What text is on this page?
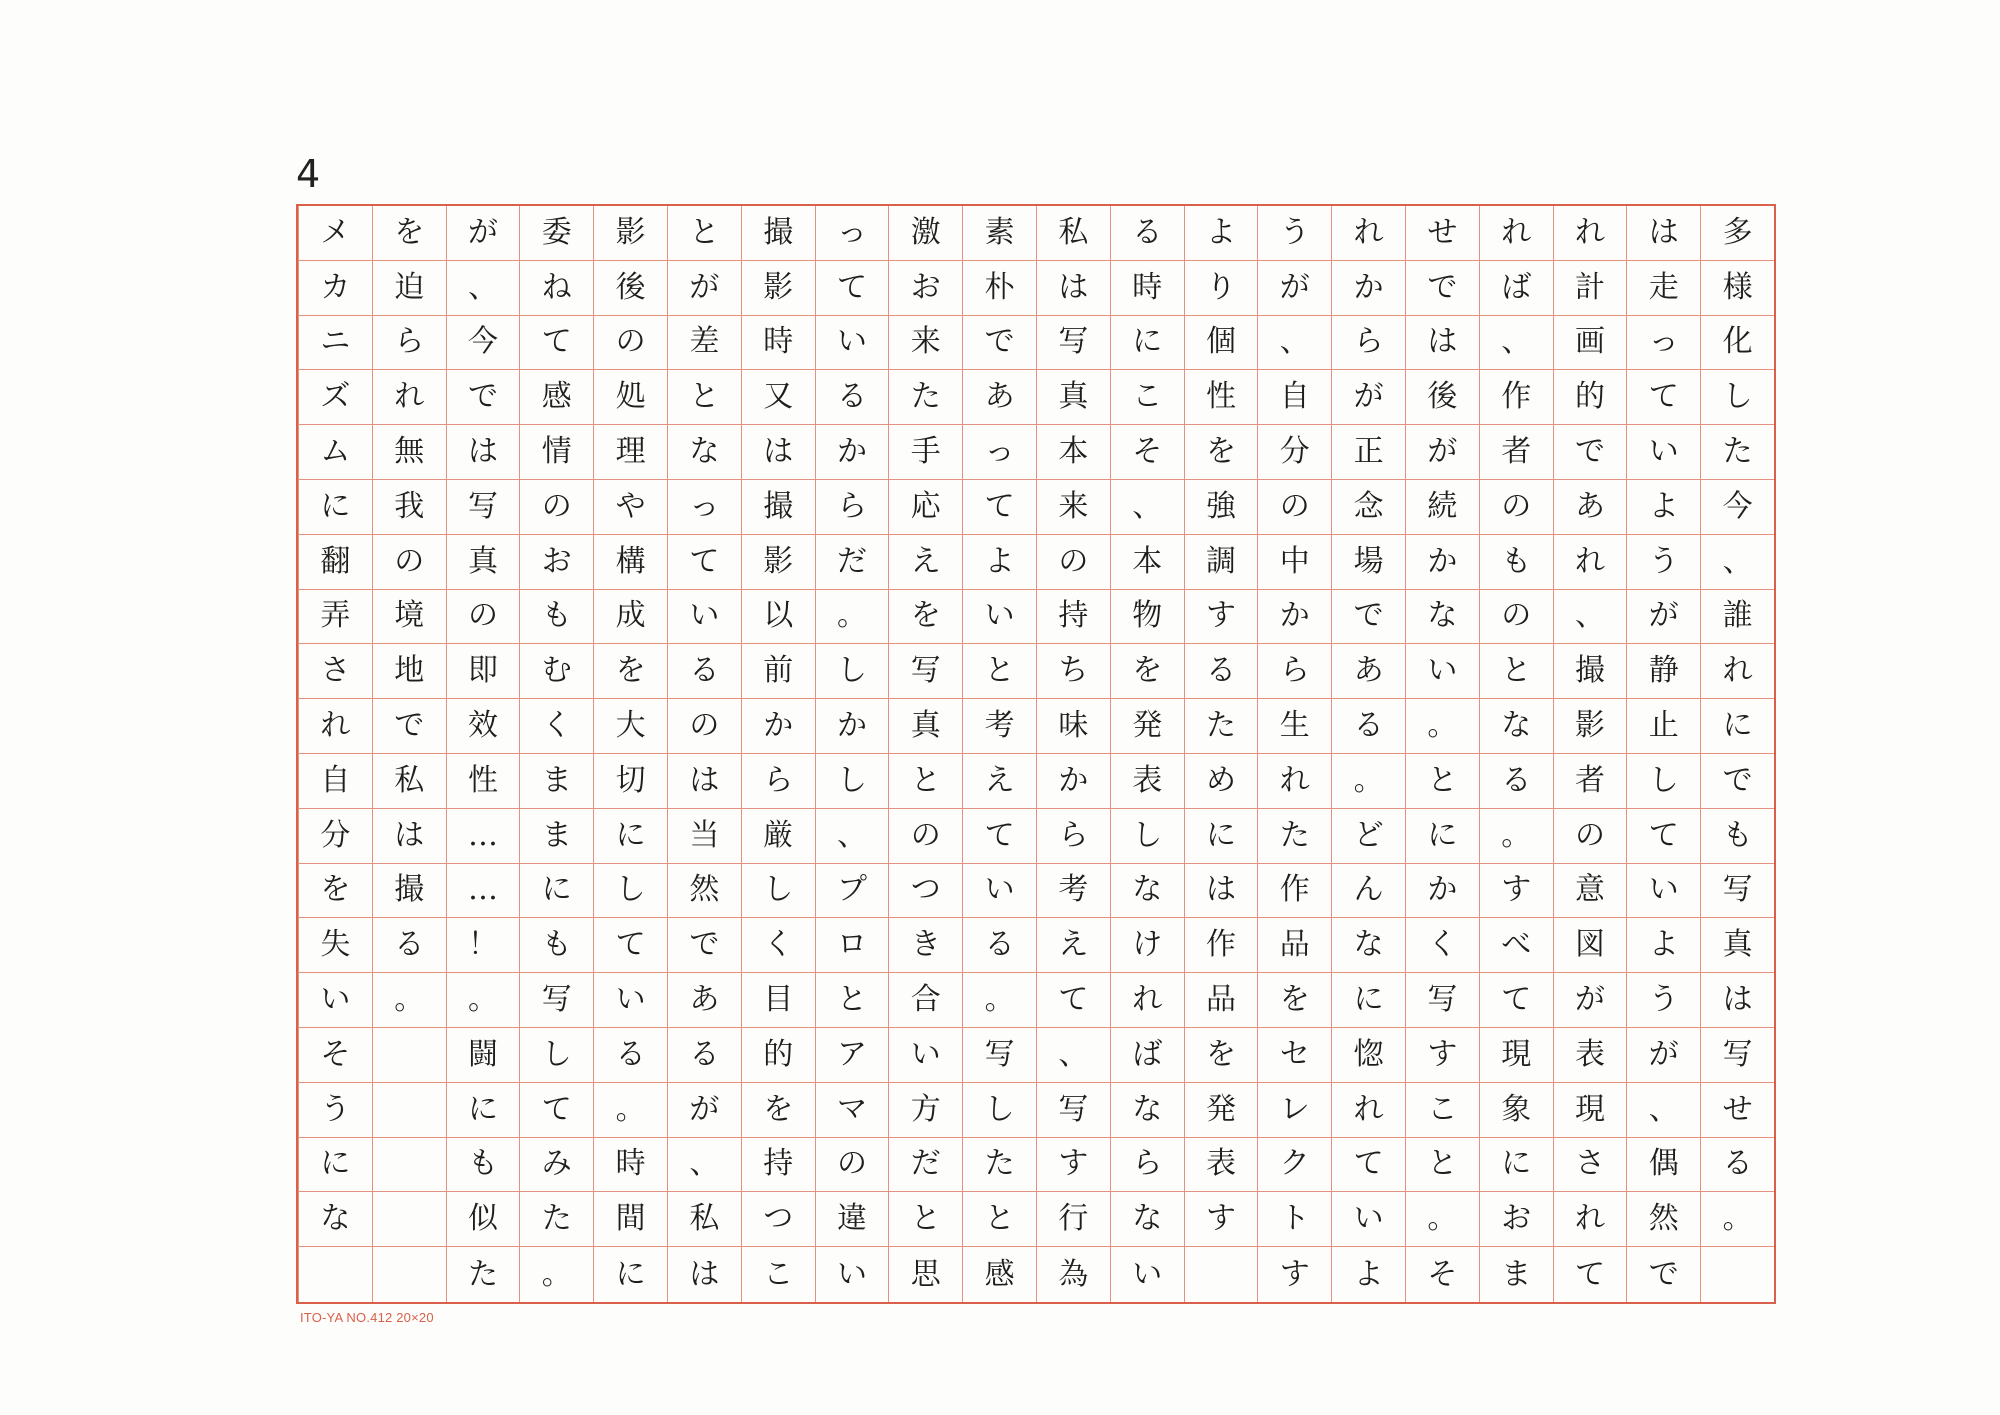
4
多
様
化
し
た
今
、
誰
れ
に
で
も
写
真
は
写
せ
る
。
は
走
っ
て
い
よ
う
が
静
止
し
て
い
よ
う
が
、
偶
然
で
れ
計
画
的
で
あ
れ
、
撮
影
者
の
意
図
が
表
現
さ
れ
て
れ
ば
、
作
者
の
も
の
と
な
る
。
す
べ
て
現
象
に
お
ま
せ
で
は
後
が
続
か
な
い
。
と
に
か
く
写
す
こ
と
。
そ
れ
か
ら
が
正
念
場
で
あ
る
。
ど
ん
な
に
惚
れ
て
い
よ
う
が
、
自
分
の
中
か
ら
生
れ
た
作
品
を
セ
レ
ク
ト
す
よ
り
個
性
を
強
調
す
る
た
め
に
は
作
品
を
発
表
す
る
時
に
こ
そ
、
本
物
を
発
表
し
な
け
れ
ば
な
ら
な
い
私
は
写
真
本
来
の
持
ち
味
か
ら
考
え
て
、
写
す
行
為
素
朴
で
あ
っ
て
よ
い
と
考
え
て
い
る
。
写
し
た
と
感
激
お
来
た
手
応
え
を
写
真
と
の
つ
き
合
い
方
だ
と
思
っ
て
い
る
か
ら
だ
。
し
か
し
、
プ
ロ
と
ア
マ
の
違
い
撮
影
時
又
は
撮
影
以
前
か
ら
厳
し
く
目
的
を
持
つ
こ
と
が
差
と
な
っ
て
い
る
の
は
当
然
で
あ
る
が
、
私
は
影
後
の
処
理
や
構
成
を
大
切
に
し
て
い
る
。
時
間
に
委
ね
て
感
情
の
お
も
む
く
ま
ま
に
も
写
し
て
み
た
。
が
、
今
で
は
写
真
の
即
效
性
…
…
！
。
闘
に
も
似
た
を
迫
ら
れ
無
我
の
境
地
で
私
は
撮
る
。
メ
カ
ニ
ズ
ム
に
翻
弄
さ
れ
自
分
を
失
い
そ
う
に
な
ITO-YA NO.412 20×20
